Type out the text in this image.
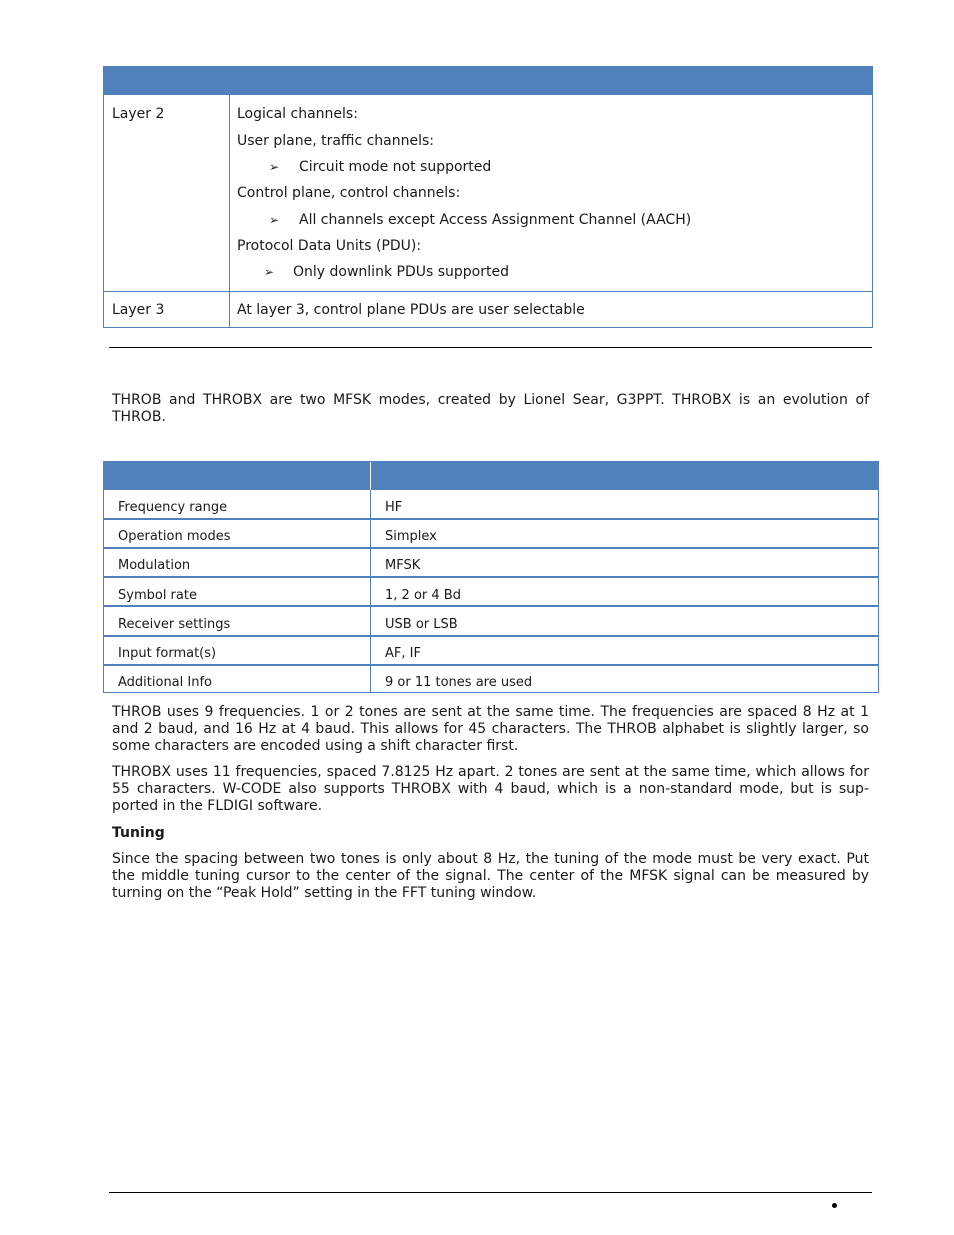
Layer 2	Logical channels:
User plane, traffic channels:
➢ Circuit mode not supported
Control plane, control channels:
➢ All channels except Access Assignment Channel (AACH)
Protocol Data Units (PDU):
➢ Only downlink PDUs supported
Layer 3	At layer 3, control plane PDUs are user selectable

THROB and THROBX are two MFSK modes, created by Lionel Sear, G3PPT. THROBX is an evolution of THROB.

Frequency range	HF
Operation modes	Simplex
Modulation	MFSK
Symbol rate	1, 2 or 4 Bd
Receiver settings	USB or LSB
Input format(s)	AF, IF
Additional Info	9 or 11 tones are used

THROB uses 9 frequencies. 1 or 2 tones are sent at the same time. The frequencies are spaced 8 Hz at 1 and 2 baud, and 16 Hz at 4 baud. This allows for 45 characters. The THROB alphabet is slightly larger, so some characters are encoded using a shift character first.

THROBX uses 11 frequencies, spaced 7.8125 Hz apart. 2 tones are sent at the same time, which allows for 55 characters. W-CODE also supports THROBX with 4 baud, which is a non-standard mode, but is sup-ported in the FLDIGI software.

Tuning

Since the spacing between two tones is only about 8 Hz, the tuning of the mode must be very exact. Put the middle tuning cursor to the center of the signal. The center of the MFSK signal can be measured by turning on the “Peak Hold” setting in the FFT tuning window.
